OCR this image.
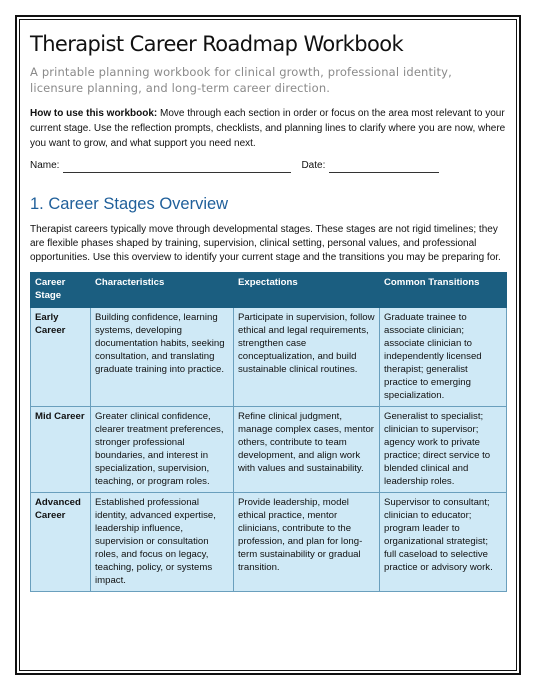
Therapist Career Roadmap Workbook
A printable planning workbook for clinical growth, professional identity, licensure planning, and long-term career direction.
How to use this workbook: Move through each section in order or focus on the area most relevant to your current stage. Use the reflection prompts, checklists, and planning lines to clarify where you are now, where you want to grow, and what support you need next.
Name:	Date:
1. Career Stages Overview
Therapist careers typically move through developmental stages. These stages are not rigid timelines; they are flexible phases shaped by training, supervision, clinical setting, personal values, and professional opportunities. Use this overview to identify your current stage and the transitions you may be preparing for.
Career Stage	Characteristics	Expectations	Common Transitions
Early Career	Building confidence, learning systems, developing documentation habits, seeking consultation, and translating graduate training into practice.	Participate in supervision, follow ethical and legal requirements, strengthen case conceptualization, and build sustainable clinical routines.	Graduate trainee to associate clinician; associate clinician to independently licensed therapist; generalist practice to emerging specialization.
Mid Career	Greater clinical confidence, clearer treatment preferences, stronger professional boundaries, and interest in specialization, supervision, teaching, or program roles.	Refine clinical judgment, manage complex cases, mentor others, contribute to team development, and align work with values and sustainability.	Generalist to specialist; clinician to supervisor; agency work to private practice; direct service to blended clinical and leadership roles.
Advanced Career	Established professional identity, advanced expertise, leadership influence, supervision or consultation roles, and focus on legacy, teaching, policy, or systems impact.	Provide leadership, model ethical practice, mentor clinicians, contribute to the profession, and plan for long-term sustainability or gradual transition.	Supervisor to consultant; clinician to educator; program leader to organizational strategist; full caseload to selective practice or advisory work.
